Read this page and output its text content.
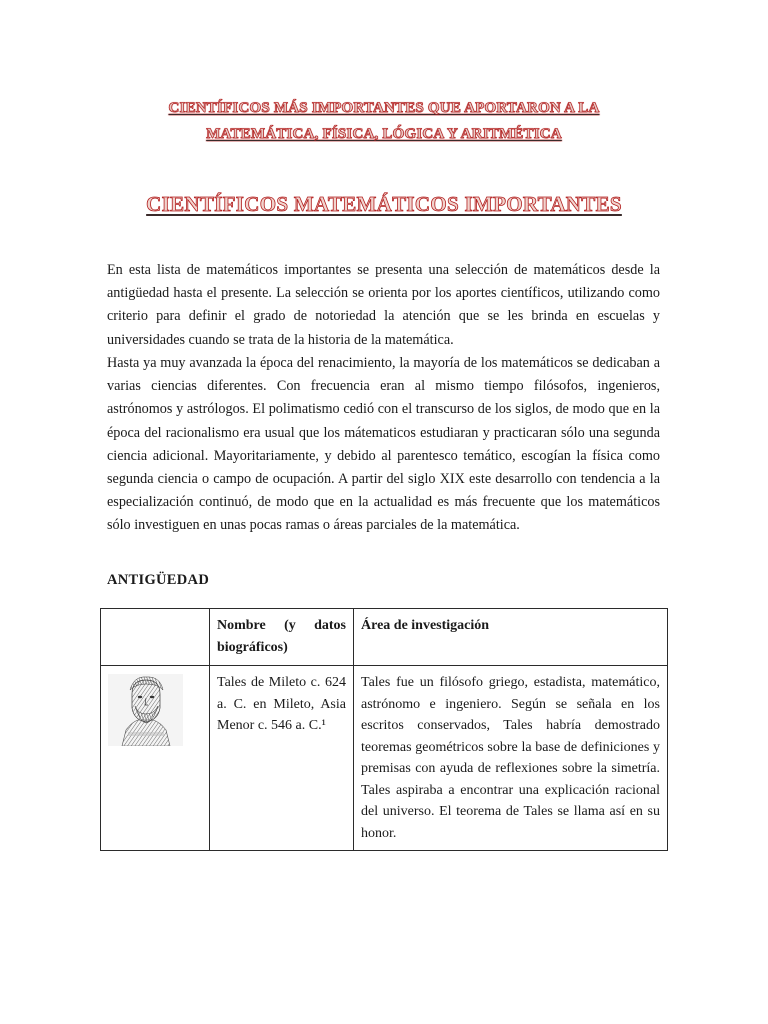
CIENTÍFICOS MÁS IMPORTANTES QUE APORTARON A LA
MATEMÁTICA, FÍSICA, LÓGICA Y ARITMÉTICA
CIENTÍFICOS MATEMÁTICOS IMPORTANTES

En esta lista de matemáticos importantes se presenta una selección de matemáticos desde la antigüedad hasta el presente. La selección se orienta por los aportes científicos, utilizando como criterio para definir el grado de notoriedad la atención que se les brinda en escuelas y universidades cuando se trata de la historia de la matemática.

Hasta ya muy avanzada la época del renacimiento, la mayoría de los matemáticos se dedicaban a varias ciencias diferentes. Con frecuencia eran al mismo tiempo filósofos, ingenieros, astrónomos y astrólogos. El polimatismo cedió con el transcurso de los siglos, de modo que en la época del racionalismo era usual que los mátematicos estudiaran y practicaran sólo una segunda ciencia adicional. Mayoritariamente, y debido al parentesco temático, escogían la física como segunda ciencia o campo de ocupación. A partir del siglo XIX este desarrollo con tendencia a la especialización continuó, de modo que en la actualidad es más frecuente que los matemáticos sólo investiguen en unas pocas ramas o áreas parciales de la matemática.

ANTIGÜEDAD
	Nombre (y datos biográficos)	Área de investigación

	Tales de Mileto c. 624 a. C. en Mileto, Asia Menor c. 546 a. C.¹	Tales fue un filósofo griego, estadista, matemático, astrónomo e ingeniero. Según se señala en los escritos conservados, Tales habría demostrado teoremas geométricos sobre la base de definiciones y premisas con ayuda de reflexiones sobre la simetría. Tales aspiraba a encontrar una explicación racional del universo. El teorema de Tales se llama así en su honor.
